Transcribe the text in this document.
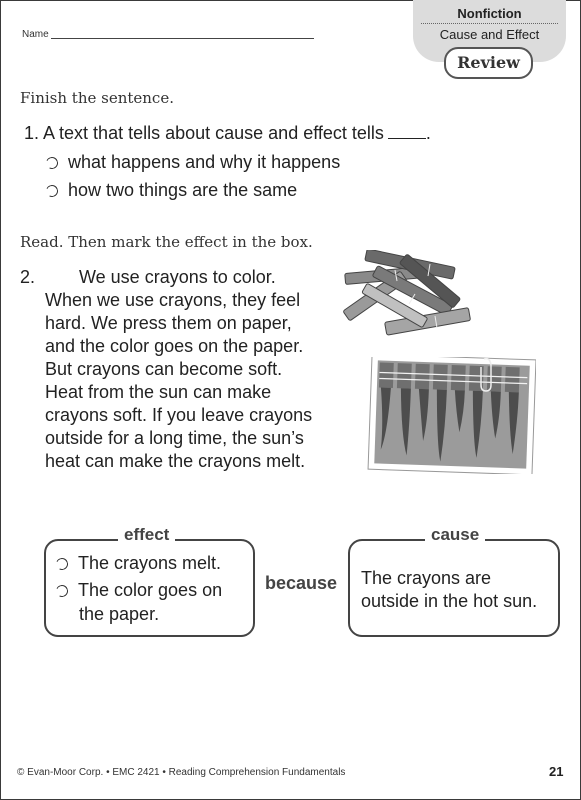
Name
Nonfiction
Cause and Effect
Review
Finish the sentence.
1. A text that tells about cause and effect tells .
what happens and why it happens
how two things are the same
Read. Then mark the effect in the box.
2.	We use crayons to color.
When we use crayons, they feel
hard. We press them on paper,
and the color goes on the paper.
But crayons can become soft.
Heat from the sun can make
crayons soft. If you leave crayons
outside for a long time, the sun’s
heat can make the crayons melt.
effect
The crayons melt.
The color goes on
the paper.
because
cause
The crayons are
outside in the hot sun.
© Evan-Moor Corp. • EMC 2421 • Reading Comprehension Fundamentals	21
